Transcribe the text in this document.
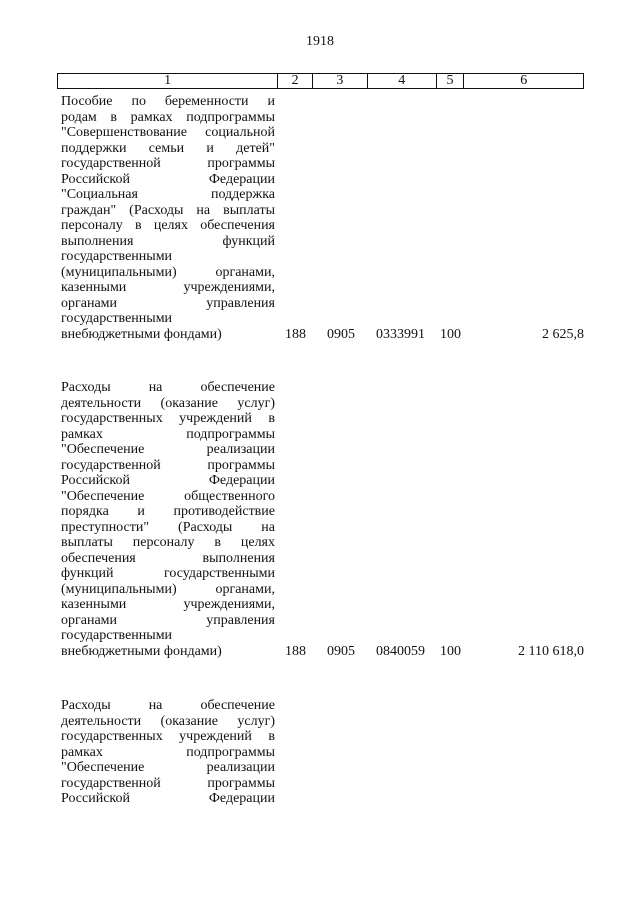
1918
1	2	3	4	5	6
Пособие по беременности и
родам в рамках подпрограммы
"Совершенствование социальной
поддержки семьи и детей"
государственной программы
Российской Федерации
"Социальная поддержка
граждан" (Расходы на выплаты
персоналу в целях обеспечения
выполнения функций
государственными
(муниципальными) органами,
казенными учреждениями,
органами управления
государственными
внебюджетными фондами)	188 0905 0333991 100	2 625,8
Расходы на обеспечение
деятельности (оказание услуг)
государственных учреждений в
рамках подпрограммы
"Обеспечение реализации
государственной программы
Российской Федерации
"Обеспечение общественного
порядка и противодействие
преступности" (Расходы на
выплаты персоналу в целях
обеспечения выполнения
функций государственными
(муниципальными) органами,
казенными учреждениями,
органами управления
государственными
внебюджетными фондами)	188 0905 0840059 100	2 110 618,0
Расходы на обеспечение
деятельности (оказание услуг)
государственных учреждений в
рамках подпрограммы
"Обеспечение реализации
государственной программы
Российской Федерации
